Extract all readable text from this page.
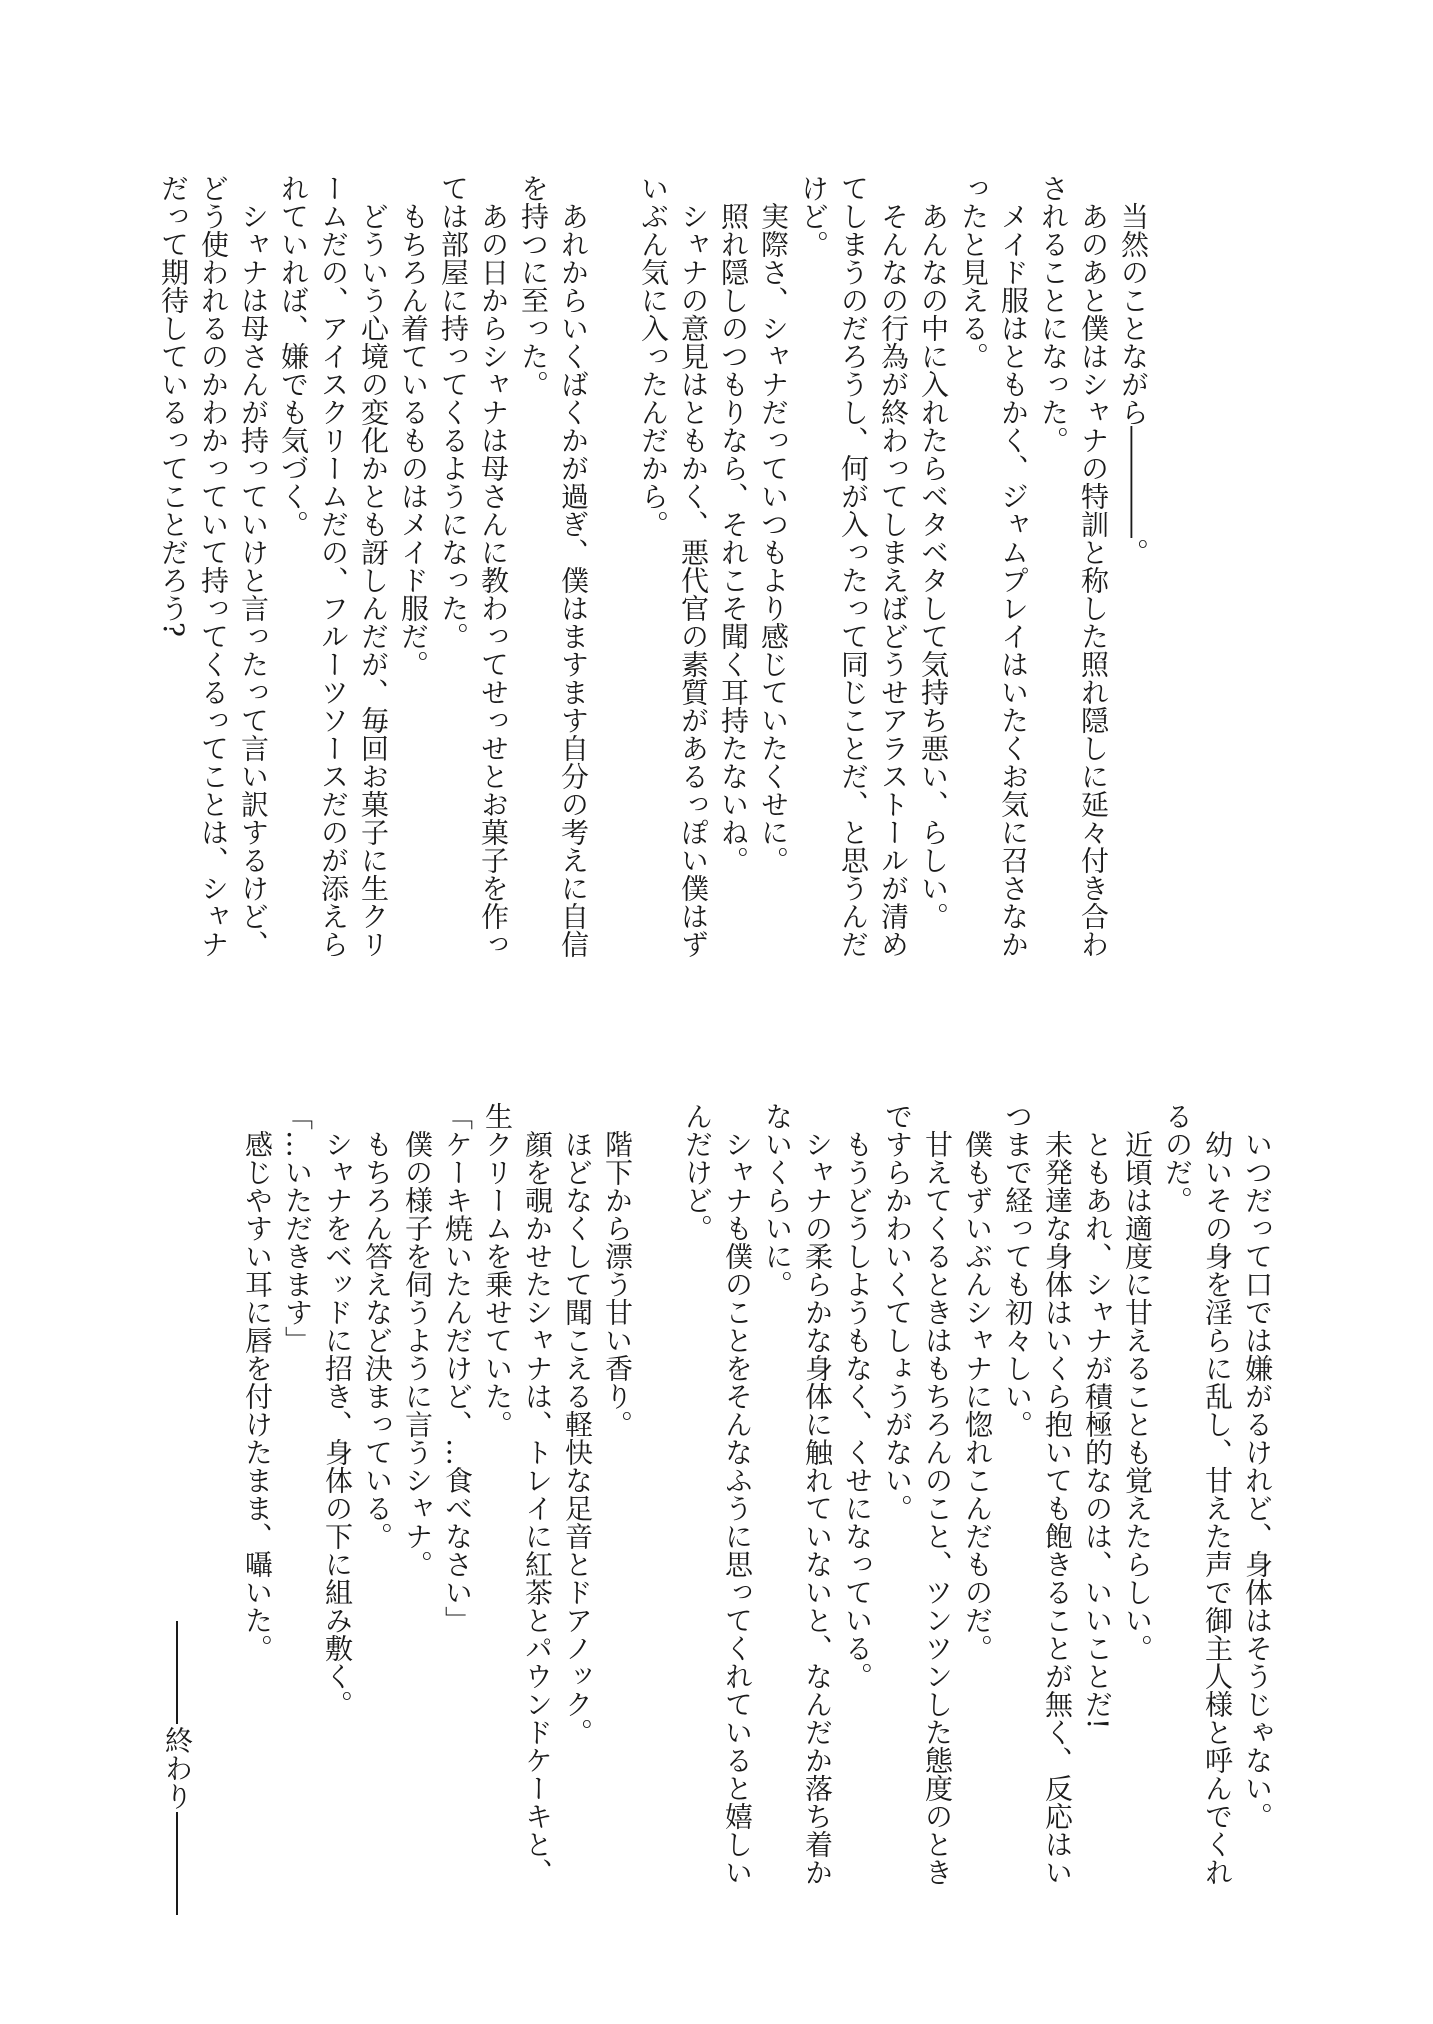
当然のことながら――――。
あのあと僕はシャナの特訓と称した照れ隠しに延々付き合わ
されることになった。
メイド服はともかく、ジャムプレイはいたくお気に召さなか
ったと見える。
あんなの中に入れたらベタベタして気持ち悪い、らしい。
そんなの行為が終わってしまえばどうせアラストールが清め
てしまうのだろうし、何が入ったって同じことだ、と思うんだ
けど。
実際さ、シャナだっていつもより感じていたくせに。
照れ隠しのつもりなら、それこそ聞く耳持たないね。
シャナの意見はともかく、悪代官の素質があるっぽい僕はず
いぶん気に入ったんだから。
あれからいくばくかが過ぎ、僕はますます自分の考えに自信
を持つに至った。
あの日からシャナは母さんに教わってせっせとお菓子を作っ
ては部屋に持ってくるようになった。
もちろん着ているものはメイド服だ。
どういう心境の変化かとも訝しんだが、毎回お菓子に生クリ
ームだの、アイスクリームだの、フルーツソースだのが添えら
れていれば、嫌でも気づく。
シャナは母さんが持っていけと言ったって言い訳するけど、
どう使われるのかわかっていて持ってくるってことは、シャナ
だって期待しているってことだろう?
いつだって口では嫌がるけれど、身体はそうじゃない。
幼いその身を淫らに乱し、甘えた声で御主人様と呼んでくれ
るのだ。
近頃は適度に甘えることも覚えたらしい。
ともあれ、シャナが積極的なのは、いいことだ!
未発達な身体はいくら抱いても飽きることが無く、反応はい
つまで経っても初々しい。
僕もずいぶんシャナに惚れこんだものだ。
甘えてくるときはもちろんのこと、ツンツンした態度のとき
ですらかわいくてしょうがない。
もうどうしようもなく、くせになっている。
シャナの柔らかな身体に触れていないと、なんだか落ち着か
ないくらいに。
シャナも僕のことをそんなふうに思ってくれていると嬉しい
んだけど。
階下から漂う甘い香り。
ほどなくして聞こえる軽快な足音とドアノック。
顔を覗かせたシャナは、トレイに紅茶とパウンドケーキと、
生クリームを乗せていた。
「ケーキ焼いたんだけど、…食べなさい」
僕の様子を伺うように言うシャナ。
もちろん答えなど決まっている。
シャナをベッドに招き、身体の下に組み敷く。
「…いただきます」
感じやすい耳に唇を付けたまま、囁いた。
終わり
